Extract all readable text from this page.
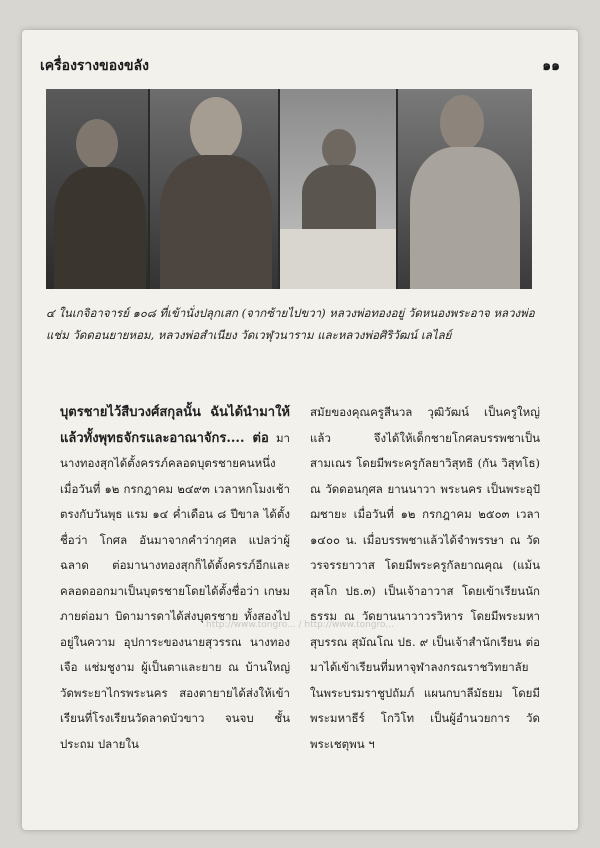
เครื่องรางของขลัง	๑๑
๔ ในเกจิอาจารย์ ๑๐๘ ที่เข้านั่งปลุกเสก (จากซ้ายไปขวา) หลวงพ่อทองอยู่ วัดหนองพระอาจ หลวงพ่อแช่ม วัดดอนยายหอม, หลวงพ่อสำเนียง วัดเวฬุวนาราม และหลวงพ่อศิริวัฒน์ เลไลย์

บุตรชายไว้สืบวงศ์สกุลนั้น ฉันได้นำมาให้แล้วทั้งพุทธจักรและอาณาจักร.... ต่อ มา นางทองสุกได้ตั้งครรภ์คลอดบุตรชายคนหนึ่งเมื่อวันที่ ๑๒ กรกฎาคม ๒๔๙๓ เวลาหกโมงเช้า ตรงกับวันพุธ แรม ๑๔ ค่ำเดือน ๘ ปีขาล ได้ตั้งชื่อว่า โกศล อันมาจากคำว่ากุศล แปลว่าผู้ฉลาด ต่อมานางทองสุกก็ได้ตั้งครรภ์อีกและคลอดออกมาเป็นบุตรชายโดยได้ตั้งชื่อว่า เกษม ภายต่อมา บิดามารดาได้ส่งบุตรชาย ทั้งสองไป อยู่ในความ อุปการะของนายสุวรรณ นางทองเจือ แช่มชูงาม ผู้เป็นตาและยาย ณ บ้านใหญ่ วัดพระยาไกรพระนคร สองตายายได้ส่งให้เข้าเรียนที่โรงเรียนวัดลาดบัวขาว จนจบ ชั้นประถม ปลายใน

สมัยของคุณครูสีนวล วุฒิวัฒน์ เป็นครูใหญ่ แล้ว จึงได้ให้เด็กชายโกศลบรรพชาเป็นสามเณร โดยมีพระครูกัลยาวิสุทธิ (กัน วิสุทโธ) ณ วัดดอนกุศล ยานนาวา พระนคร เป็นพระอุปัฌชายะ เมื่อวันที่ ๑๒ กรกฎาคม ๒๕๐๓ เวลา ๑๔๐๐ น. เมื่อบรรพชาแล้วได้จำพรรษา ณ วัดวรจรรยาวาส โดยมีพระครูกัลยาณคุณ (แม้น สุลโก ปธ.๓) เป็นเจ้าอาวาส โดยเข้าเรียนนักธรรม ณ วัดยานนาวาวรวิหาร โดยมีพระมหาสุบรรณ สุมัณโณ ปธ. ๙ เป็นเจ้าสำนักเรียน ต่อมาได้เข้าเรียนที่มหาจุฬาลงกรณราชวิทยาลัยในพระบรมราชูปถัมภ์ แผนกบาลีมัธยม โดยมีพระมหาธีร์ โกวิโท เป็นผู้อำนวยการ วัดพระเชตุพน ฯ

http://www.tongro... / http://www.tongro...
